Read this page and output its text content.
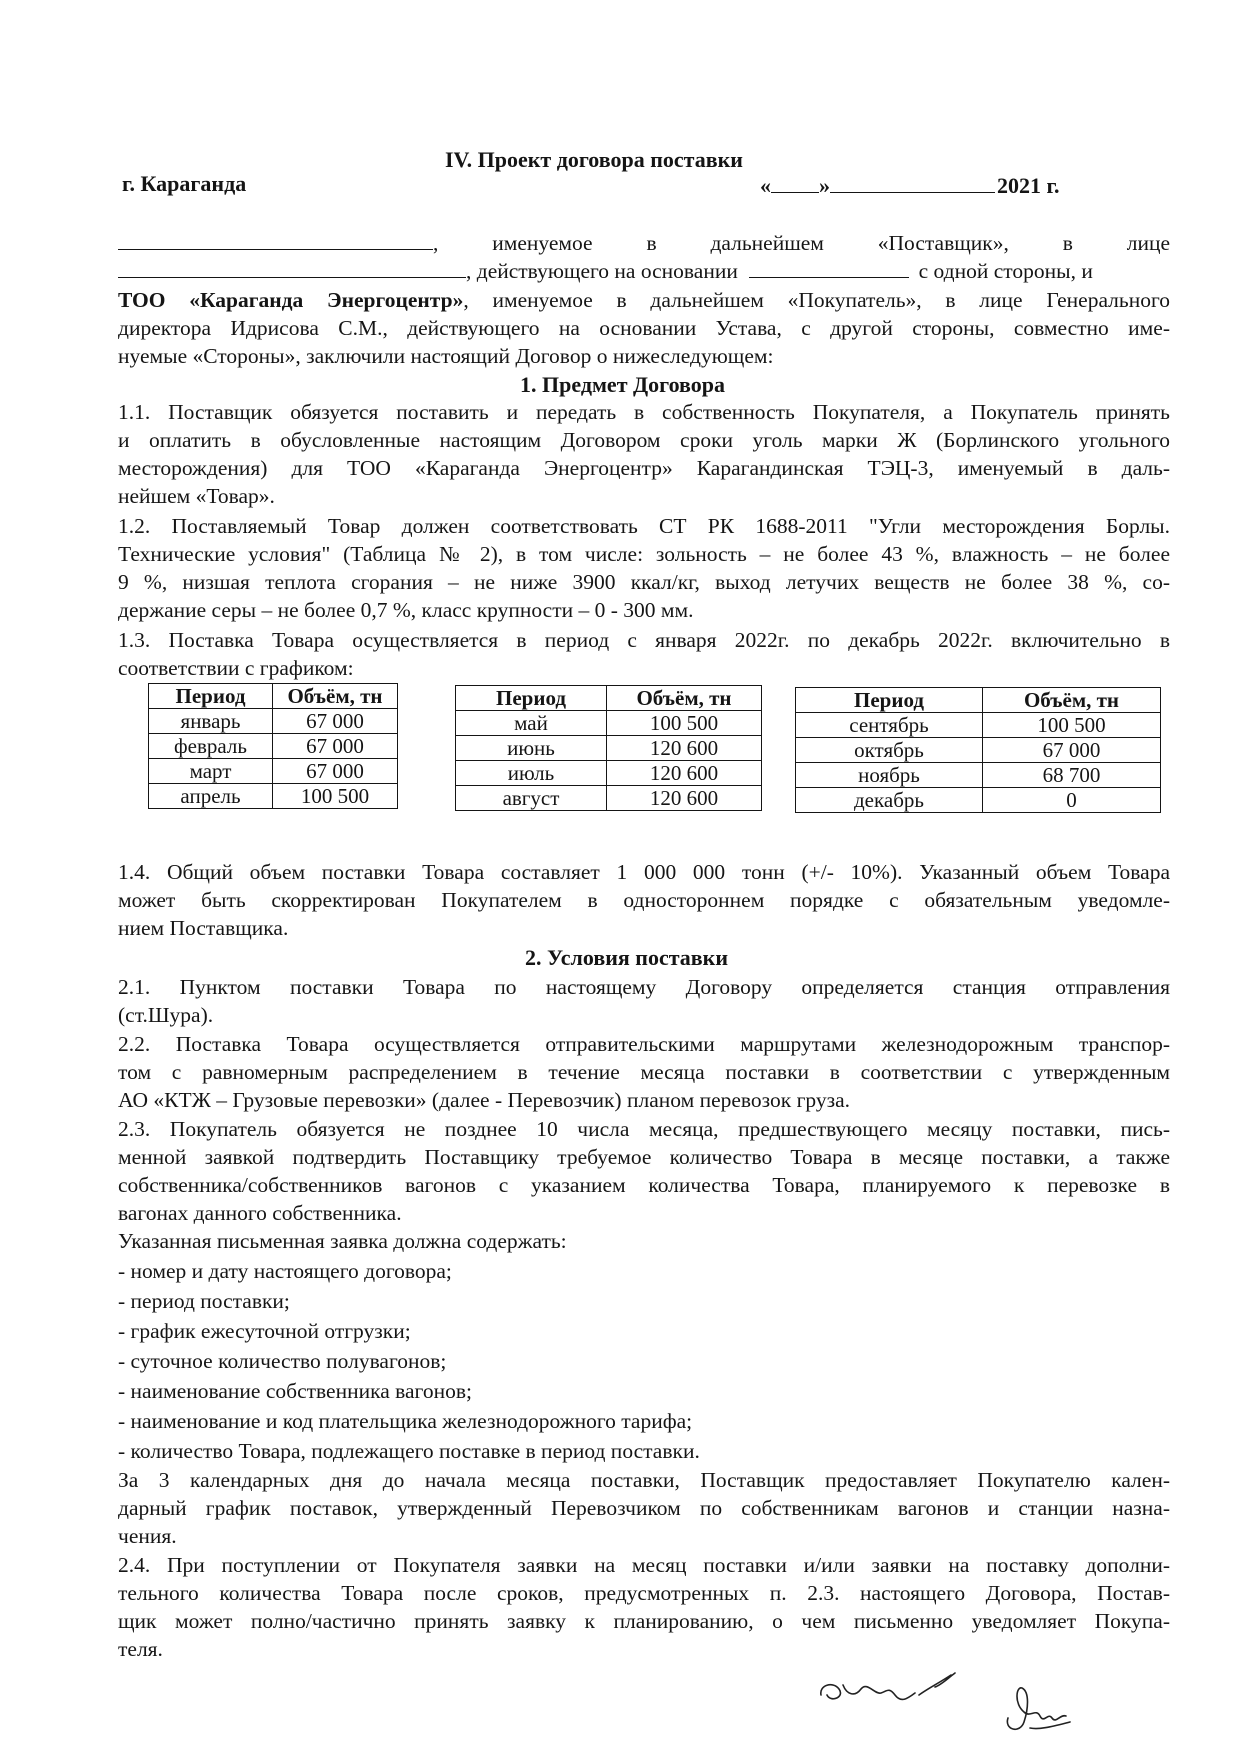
IV. Проект договора поставки
г. Караганда	« »	2021 г.
,	именуемое	в	дальнейшем	«Поставщик»,	в	лице
, действующего на основании	с одной стороны, и
ТОО «Караганда Энергоцентр», именуемое в дальнейшем «Покупатель», в лице Генерального
директора Идрисова С.М., действующего на основании Устава, с другой стороны, совместно име-
нуемые «Стороны», заключили настоящий Договор о нижеследующем:
1. Предмет Договора
1.1. Поставщик обязуется поставить и передать в собственность Покупателя, а Покупатель принять
и оплатить в обусловленные настоящим Договором сроки уголь марки Ж (Борлинского угольного
месторождения) для ТОО «Караганда Энергоцентр» Карагандинская ТЭЦ-3, именуемый в даль-
нейшем «Товар».
1.2. Поставляемый Товар должен соответствовать СТ РК 1688-2011 "Угли месторождения Борлы.
Технические условия" (Таблица № 2), в том числе: зольность – не более 43 %, влажность – не более
9 %, низшая теплота сгорания – не ниже 3900 ккал/кг, выход летучих веществ не более 38 %, со-
держание серы – не более 0,7 %, класс крупности – 0 - 300 мм.
1.3. Поставка Товара осуществляется в период с января 2022г. по декабрь 2022г. включительно в
соответствии с графиком:
Период	Объём, тн
январь	67 000
февраль	67 000
март	67 000
апрель	100 500
Период	Объём, тн
май	100 500
июнь	120 600
июль	120 600
август	120 600
Период	Объём, тн
сентябрь	100 500
октябрь	67 000
ноябрь	68 700
декабрь	0
1.4. Общий объем поставки Товара составляет 1 000 000 тонн (+/- 10%). Указанный объем Товара
может быть скорректирован Покупателем в одностороннем порядке с обязательным уведомле-
нием Поставщика.
2. Условия поставки
2.1. Пунктом поставки Товара по настоящему Договору определяется станция отправления
(ст.Шура).
2.2. Поставка Товара осуществляется отправительскими маршрутами железнодорожным транспор-
том с равномерным распределением в течение месяца поставки в соответствии с утвержденным
АО «КТЖ – Грузовые перевозки» (далее - Перевозчик) планом перевозок груза.
2.3. Покупатель обязуется не позднее 10 числа месяца, предшествующего месяцу поставки, пись-
менной заявкой подтвердить Поставщику требуемое количество Товара в месяце поставки, а также
собственника/собственников вагонов с указанием количества Товара, планируемого к перевозке в
вагонах данного собственника.
Указанная письменная заявка должна содержать:
- номер и дату настоящего договора;
- период поставки;
- график ежесуточной отгрузки;
- суточное количество полувагонов;
- наименование собственника вагонов;
- наименование и код плательщика железнодорожного тарифа;
- количество Товара, подлежащего поставке в период поставки.
За 3 календарных дня до начала месяца поставки, Поставщик предоставляет Покупателю кален-
дарный график поставок, утвержденный Перевозчиком по собственникам вагонов и станции назна-
чения.
2.4. При поступлении от Покупателя заявки на месяц поставки и/или заявки на поставку дополни-
тельного количества Товара после сроков, предусмотренных п. 2.3. настоящего Договора, Постав-
щик может полно/частично принять заявку к планированию, о чем письменно уведомляет Покупа-
теля.
